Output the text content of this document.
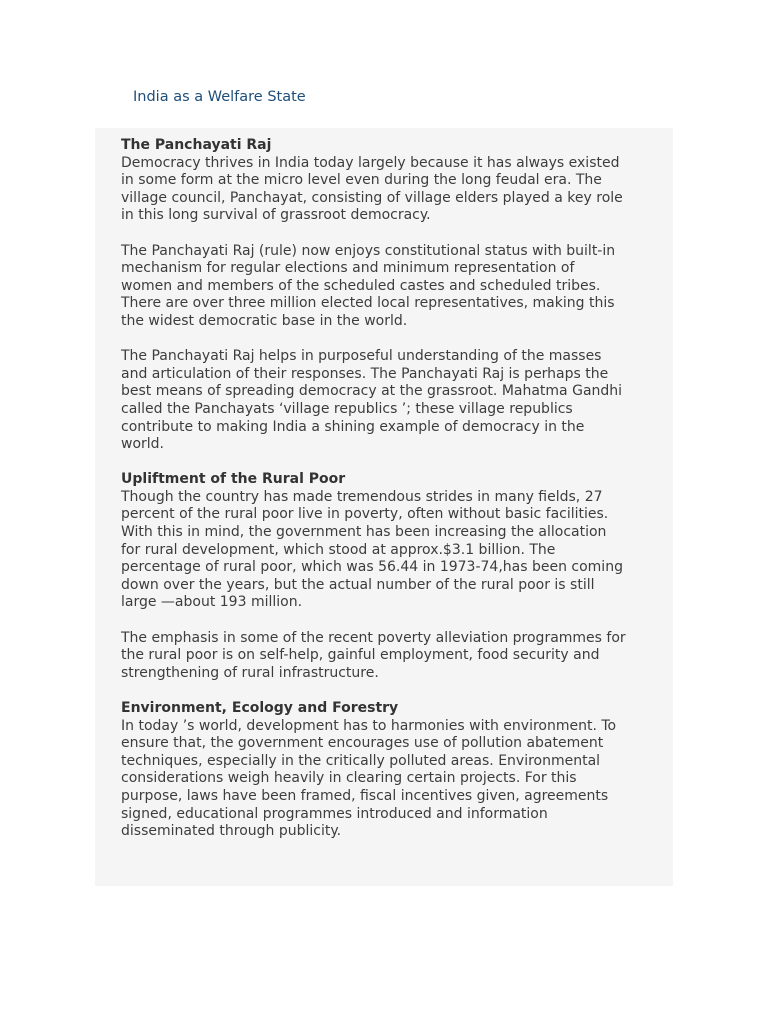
India as a Welfare State
The Panchayati Raj

Democracy thrives in India today largely because it has always existed
in some form at the micro level even during the long feudal era. The
village council, Panchayat, consisting of village elders played a key role
in this long survival of grassroot democracy.

The Panchayati Raj (rule) now enjoys constitutional status with built-in
mechanism for regular elections and minimum representation of
women and members of the scheduled castes and scheduled tribes.
There are over three million elected local representatives, making this
the widest democratic base in the world.

The Panchayati Raj helps in purposeful understanding of the masses
and articulation of their responses. The Panchayati Raj is perhaps the
best means of spreading democracy at the grassroot. Mahatma Gandhi
called the Panchayats ‘village republics ’; these village republics
contribute to making India a shining example of democracy in the
world.

Upliftment of the Rural Poor

Though the country has made tremendous strides in many fields, 27
percent of the rural poor live in poverty, often without basic facilities.
With this in mind, the government has been increasing the allocation
for rural development, which stood at approx.$3.1 billion. The
percentage of rural poor, which was 56.44 in 1973-74,has been coming
down over the years, but the actual number of the rural poor is still
large —about 193 million.

The emphasis in some of the recent poverty alleviation programmes for
the rural poor is on self-help, gainful employment, food security and
strengthening of rural infrastructure.

Environment, Ecology and Forestry

In today ’s world, development has to harmonies with environment. To
ensure that, the government encourages use of pollution abatement
techniques, especially in the critically polluted areas. Environmental
considerations weigh heavily in clearing certain projects. For this
purpose, laws have been framed, fiscal incentives given, agreements
signed, educational programmes introduced and information
disseminated through publicity.
